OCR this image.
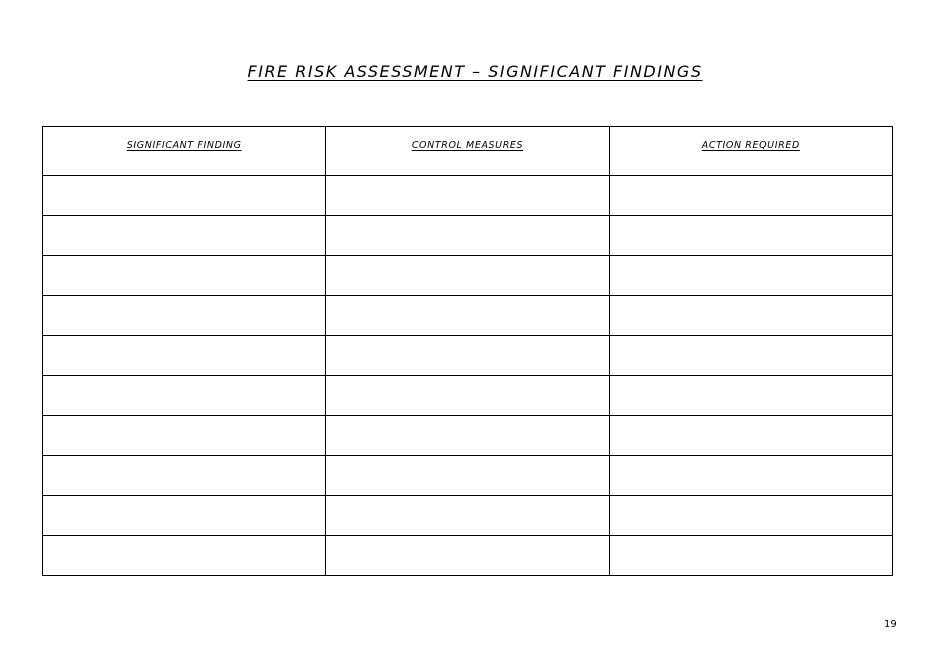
FIRE RISK ASSESSMENT – SIGNIFICANT FINDINGS
SIGNIFICANT FINDING	CONTROL MEASURES	ACTION REQUIRED

19
